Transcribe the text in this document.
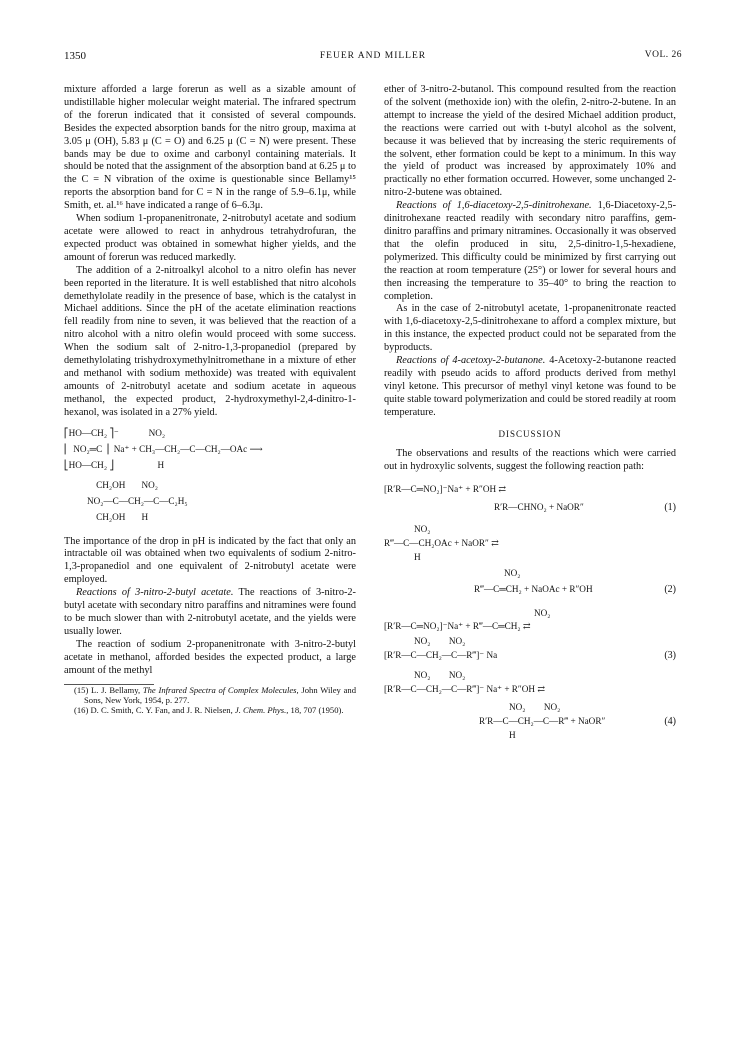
1350	FEUER AND MILLER	VOL. 26

mixture afforded a large forerun as well as a sizable amount of undistillable higher molecular weight material. The infrared spectrum of the forerun indicated that it consisted of several compounds. Besides the expected absorption bands for the nitro group, maxima at 3.05 μ (OH), 5.83 μ (C = O) and 6.25 μ (C = N) were present. These bands may be due to oxime and carbonyl containing materials. It should be noted that the assignment of the absorption band at 6.25 μ to the C = N vibration of the oxime is questionable since Bellamy¹⁵ reports the absorption band for C = N in the range of 5.9–6.1μ, while Smith, et. al.¹⁶ have indicated a range of 6–6.3μ.

When sodium 1-propanenitronate, 2-nitrobutyl acetate and sodium acetate were allowed to react in anhydrous tetrahydrofuran, the expected product was obtained in somewhat higher yields, and the amount of forerun was reduced markedly.

The addition of a 2-nitroalkyl alcohol to a nitro olefin has never been reported in the literature. It is well established that nitro alcohols demethylolate readily in the presence of base, which is the catalyst in Michael additions. Since the pH of the acetate elimination reactions fell readily from nine to seven, it was believed that the reaction of a nitro alcohol with a nitro olefin would proceed with some success. When the sodium salt of 2-nitro-1,3-propanediol (prepared by demethylolating trishydroxymethylnitromethane in a mixture of ether and methanol with sodium methoxide) was treated with equivalent amounts of 2-nitrobutyl acetate and sodium acetate in aqueous methanol, the expected product, 2-hydroxymethyl-2,4-dinitro-1-hexanol, was isolated in a 27% yield.

⎡HO—CH₂ ⎤⁻             NO₂
⎢  NO₂═C ⎥  Na⁺ + CH₃—CH₂—C—CH₂—OAc ⟶
⎣HO—CH₂ ⎦                   H
CH₂OH       NO₂
NO₂—C—CH₂—C—C₂H₅
CH₂OH       H

The importance of the drop in pH is indicated by the fact that only an intractable oil was obtained when two equivalents of sodium 2-nitro-1,3-propanediol and one equivalent of 2-nitrobutyl acetate were employed.

Reactions of 3-nitro-2-butyl acetate. The reactions of 3-nitro-2-butyl acetate with secondary nitro paraffins and nitramines were found to be much slower than with 2-nitrobutyl acetate, and the yields were usually lower.

The reaction of sodium 2-propanenitronate with 3-nitro-2-butyl acetate in methanol, afforded besides the expected product, a large amount of the methyl

(15) L. J. Bellamy, The Infrared Spectra of Complex Molecules, John Wiley and Sons, New York, 1954, p. 277.

(16) D. C. Smith, C. Y. Fan, and J. R. Nielsen, J. Chem. Phys., 18, 707 (1950).

ether of 3-nitro-2-butanol. This compound resulted from the reaction of the solvent (methoxide ion) with the olefin, 2-nitro-2-butene. In an attempt to increase the yield of the desired Michael addition product, the reactions were carried out with t-butyl alcohol as the solvent, because it was believed that by increasing the steric requirements of the solvent, ether formation could be kept to a minimum. In this way the yield of product was increased by approximately 10% and practically no ether formation occurred. However, some unchanged 2-nitro-2-butene was obtained.

Reactions of 1,6-diacetoxy-2,5-dinitrohexane. 1,6-Diacetoxy-2,5-dinitrohexane reacted readily with secondary nitro paraffins, gem-dinitro paraffins and primary nitramines. Occasionally it was observed that the olefin produced in situ, 2,5-dinitro-1,5-hexadiene, polymerized. This difficulty could be minimized by first carrying out the reaction at room temperature (25°) or lower for several hours and then increasing the temperature to 35–40° to bring the reaction to completion.

As in the case of 2-nitrobutyl acetate, 1-propanenitronate reacted with 1,6-diacetoxy-2,5-dinitrohexane to afford a complex mixture, but in this instance, the expected product could not be separated from the byproducts.

Reactions of 4-acetoxy-2-butanone. 4-Acetoxy-2-butanone reacted readily with pseudo acids to afford products derived from methyl vinyl ketone. This precursor of methyl vinyl ketone was found to be quite stable toward polymerization and could be stored readily at room temperature.

DISCUSSION

The observations and results of the reactions which were carried out in hydroxylic solvents, suggest the following reaction path:

[R′R—C═NO₂]⁻Na⁺ + R″OH ⇄
R′R—CHNO₂ + NaOR″	(1)
NO₂
R‴—C—CH₂OAc + NaOR″ ⇄
H
NO₂
R‴—C═CH₂ + NaOAc + R″OH	(2)
NO₂
[R′R—C═NO₂]⁻Na⁺ + R‴—C═CH₂ ⇄
NO₂        NO₂
[R′R—C—CH₂—C—R‴]⁻ Na	(3)
NO₂        NO₂
[R′R—C—CH₂—C—R‴]⁻ Na⁺ + R″OH ⇄
NO₂        NO₂
R′R—C—CH₂—C—R‴ + NaOR″
H
(4)
